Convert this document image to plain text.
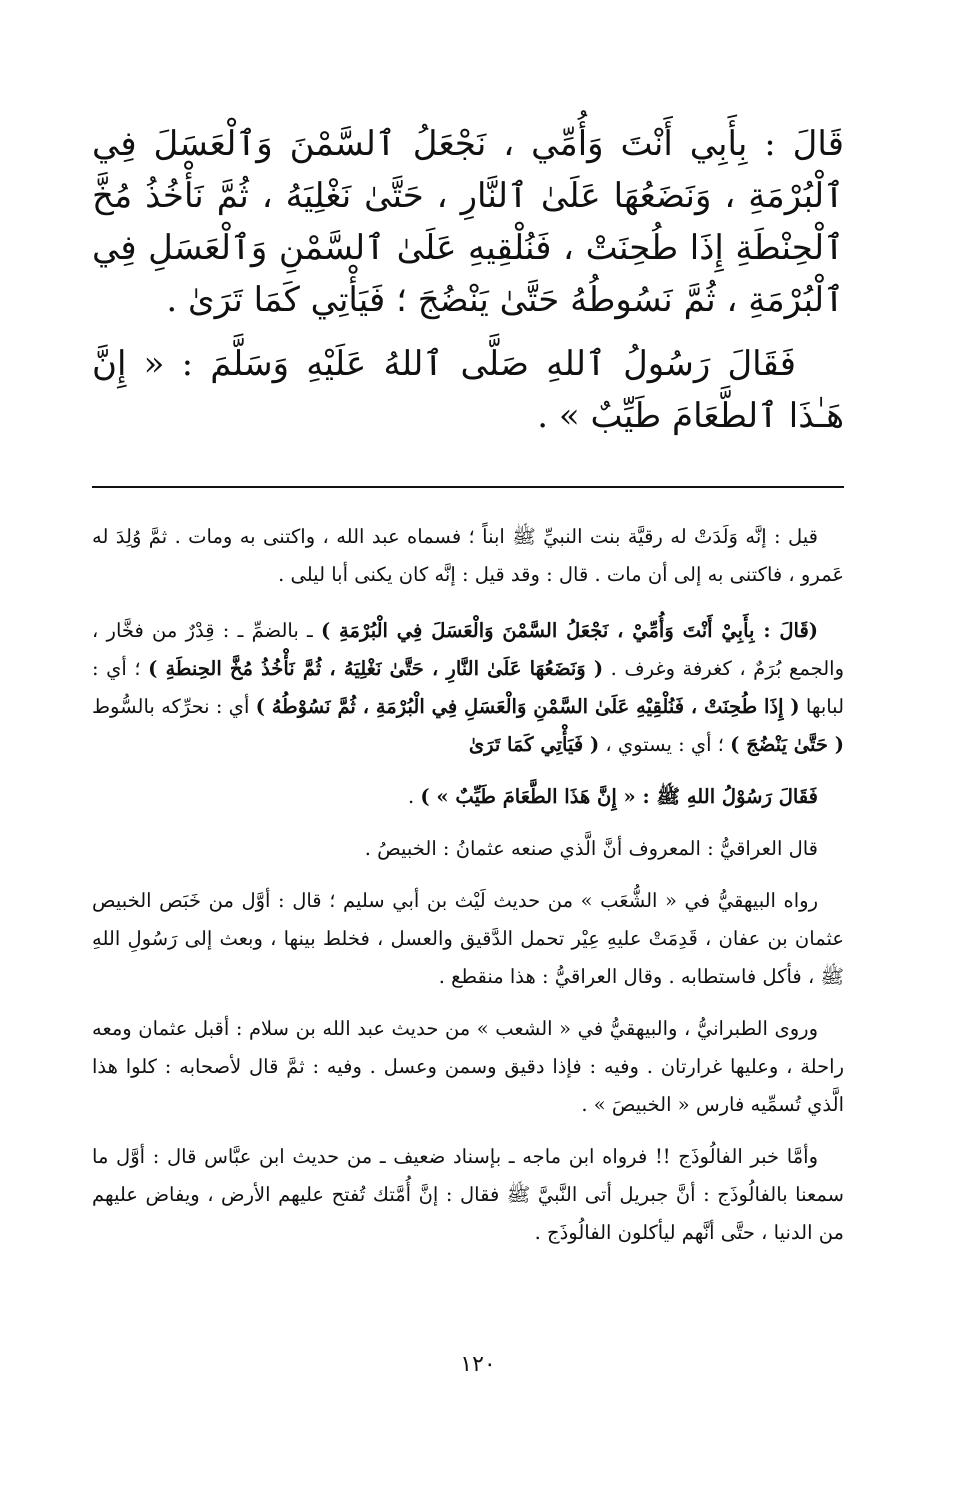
قَالَ : بِأَبِي أَنْتَ وَأُمِّي ، نَجْعَلُ ٱلسَّمْنَ وَٱلْعَسَلَ فِي ٱلْبُرْمَةِ ، وَنَضَعُهَا عَلَىٰ ٱلنَّارِ ، حَتَّىٰ نَغْلِيَهُ ، ثُمَّ نَأْخُذُ مُخَّ ٱلْحِنْطَةِ إِذَا طُحِنَتْ ، فَنُلْقِيهِ عَلَىٰ ٱلسَّمْنِ وَٱلْعَسَلِ فِي ٱلْبُرْمَةِ ، ثُمَّ نَسُوطُهُ حَتَّىٰ يَنْضُجَ ؛ فَيَأْتِي كَمَا تَرَىٰ .

فَقَالَ رَسُولُ ٱللهِ صَلَّى ٱللهُ عَلَيْهِ وَسَلَّمَ : « إِنَّ هَـٰذَا ٱلطَّعَامَ طَيِّبٌ » .

قيل : إنَّه وَلَدَتْ له رقيَّة بنت النبيِّ ﷺ ابناً ؛ فسماه عبد الله ، واكتنى به ومات . ثمَّ وُلِدَ له عَمرو ، فاكتنى به إلى أن مات . قال : وقد قيل : إنَّه كان يكنى أبا ليلى .

(قَالَ : بِأَبِيْ أَنْتَ وَأُمِّيْ ، نَجْعَلُ السَّمْنَ وَالْعَسَلَ فِي الْبُرْمَةِ ) ـ بالضمِّ ـ : قِدْرٌ من فخَّار ، والجمع بُرَمٌ ، كغرفة وغرف . ( وَنَضَعُهَا عَلَىٰ النَّارِ ، حَتَّىٰ نَغْلِيَهُ ، ثُمَّ نَأْخُذُ مُخَّ الحِنطَةِ ) ؛ أي : لبابها ( إِذَا طُحِنَتْ ، فَنُلْقِيْهِ عَلَىٰ السَّمْنِ وَالْعَسَلِ فِي الْبُرْمَةِ ، ثُمَّ نَسُوْطُهُ ) أي : نحرِّكه بالسُّوط ( حَتَّىٰ يَنْضُجَ ) ؛ أي : يستوي ، ( فَيَأْتِي كَمَا تَرَىٰ

فَقَالَ رَسُوْلُ اللهِ ﷺ : « إِنَّ هَذَا الطَّعَامَ طَيِّبٌ » ) .

قال العراقيُّ : المعروف أنَّ الَّذي صنعه عثمانُ : الخبيصُ .

رواه البيهقيُّ في « الشُّعَب » من حديث لَيْث بن أبي سليم ؛ قال : أوَّل من خَبَص الخبيص عثمان بن عفان ، قَدِمَتْ عليهِ عِيْر تحمل الدَّقيق والعسل ، فخلط بينها ، وبعث إلى رَسُولِ اللهِ ﷺ ، فأكل فاستطابه . وقال العراقيُّ : هذا منقطع .

وروى الطبرانيُّ ، والبيهقيُّ في « الشعب » من حديث عبد الله بن سلام : أقبل عثمان ومعه راحلة ، وعليها غرارتان . وفيه : فإذا دقيق وسمن وعسل . وفيه : ثمَّ قال لأصحابه : كلوا هذا الَّذي تُسمِّيه فارس « الخبيصَ » .

وأمَّا خبر الفالُوذَج !! فرواه ابن ماجه ـ بإسناد ضعيف ـ من حديث ابن عبَّاس قال : أوَّل ما سمعنا بالفالُوذَج : أنَّ جبريل أتى النَّبيَّ ﷺ فقال : إنَّ أُمَّتك تُفتح عليهم الأرض ، ويفاض عليهم من الدنيا ، حتَّى أنَّهم ليأكلون الفالُوذَج .

١٢٠
